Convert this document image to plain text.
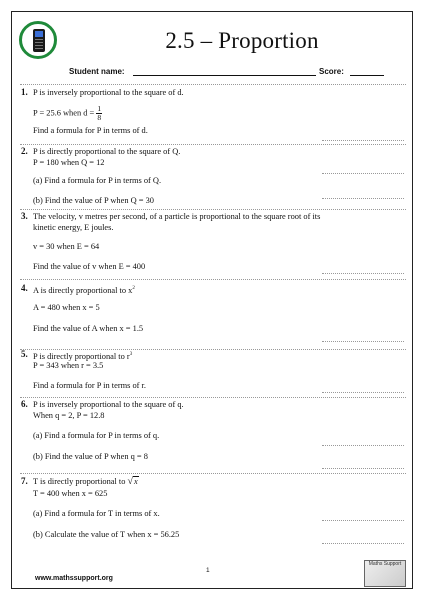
2.5 – Proportion
Student name:	Score:
1. P is inversely proportional to the square of d.
P = 25.6 when $d = \frac{1}{8}$
Find a formula for P in terms of d.
2. P is directly proportional to the square of Q.
P = 180 when Q = 12
(a) Find a formula for P in terms of Q.
(b) Find the value of P when Q = 30
3. The velocity, v metres per second, of a particle is proportional to the square root of its
kinetic energy, E joules.
v = 30 when E = 64
Find the value of v when E = 400
4. A is directly proportional to $x^2$
A = 480 when x = 5
Find the value of A when x = 1.5
5. P is directly proportional to $r^3$
P = 343 when r = 3.5
Find a formula for P in terms of r.
6. P is inversely proportional to the square of q.
When q = 2, P = 12.8
(a) Find a formula for P in terms of q.
(b) Find the value of P when q = 8
7. T is directly proportional to √x
T = 400 when x = 625
(a) Find a formula for T in terms of x.
(b) Calculate the value of T when x = 56.25
1
www.mathssupport.org
Maths Support
